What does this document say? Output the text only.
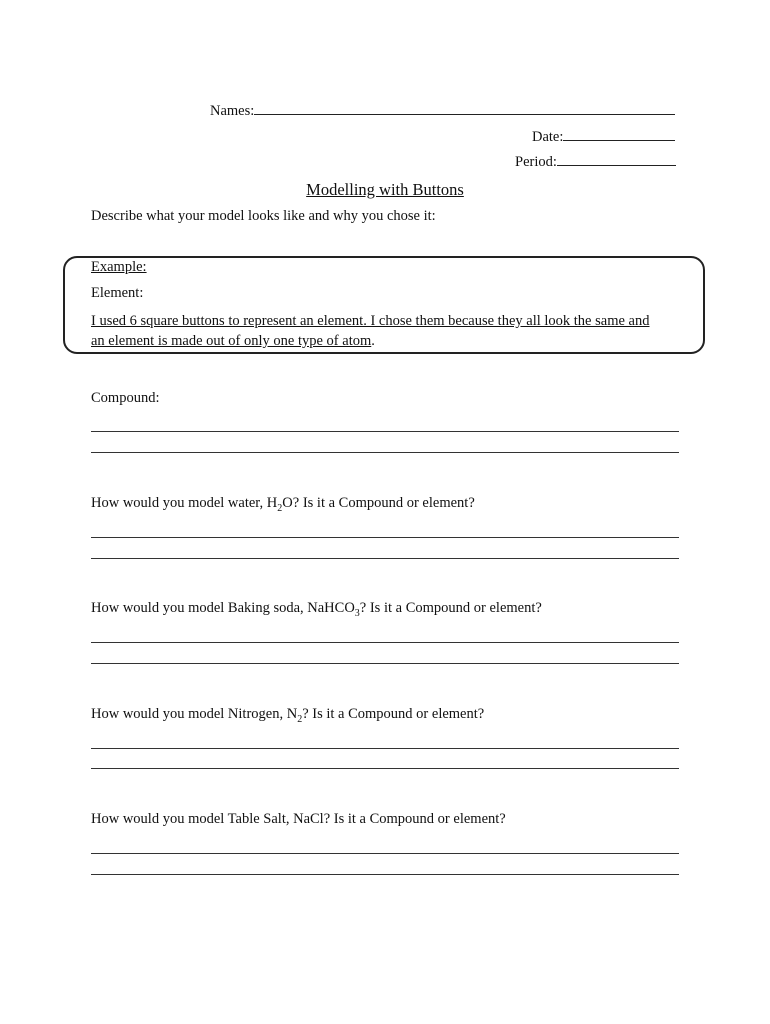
Names:
Date:
Period:
Modelling with Buttons
Describe what your model looks like and why you chose it:
Example:
Element:
I used 6 square buttons to represent an element. I chose them because they all look the same and
an element is made out of only one type of atom.
Compound:
How would you model water, $H_2O$? Is it a Compound or element?
How would you model Baking soda, NaHCO$_3$? Is it a Compound or element?
How would you model Nitrogen, $N_2$? Is it a Compound or element?
How would you model Table Salt, NaCl? Is it a Compound or element?
